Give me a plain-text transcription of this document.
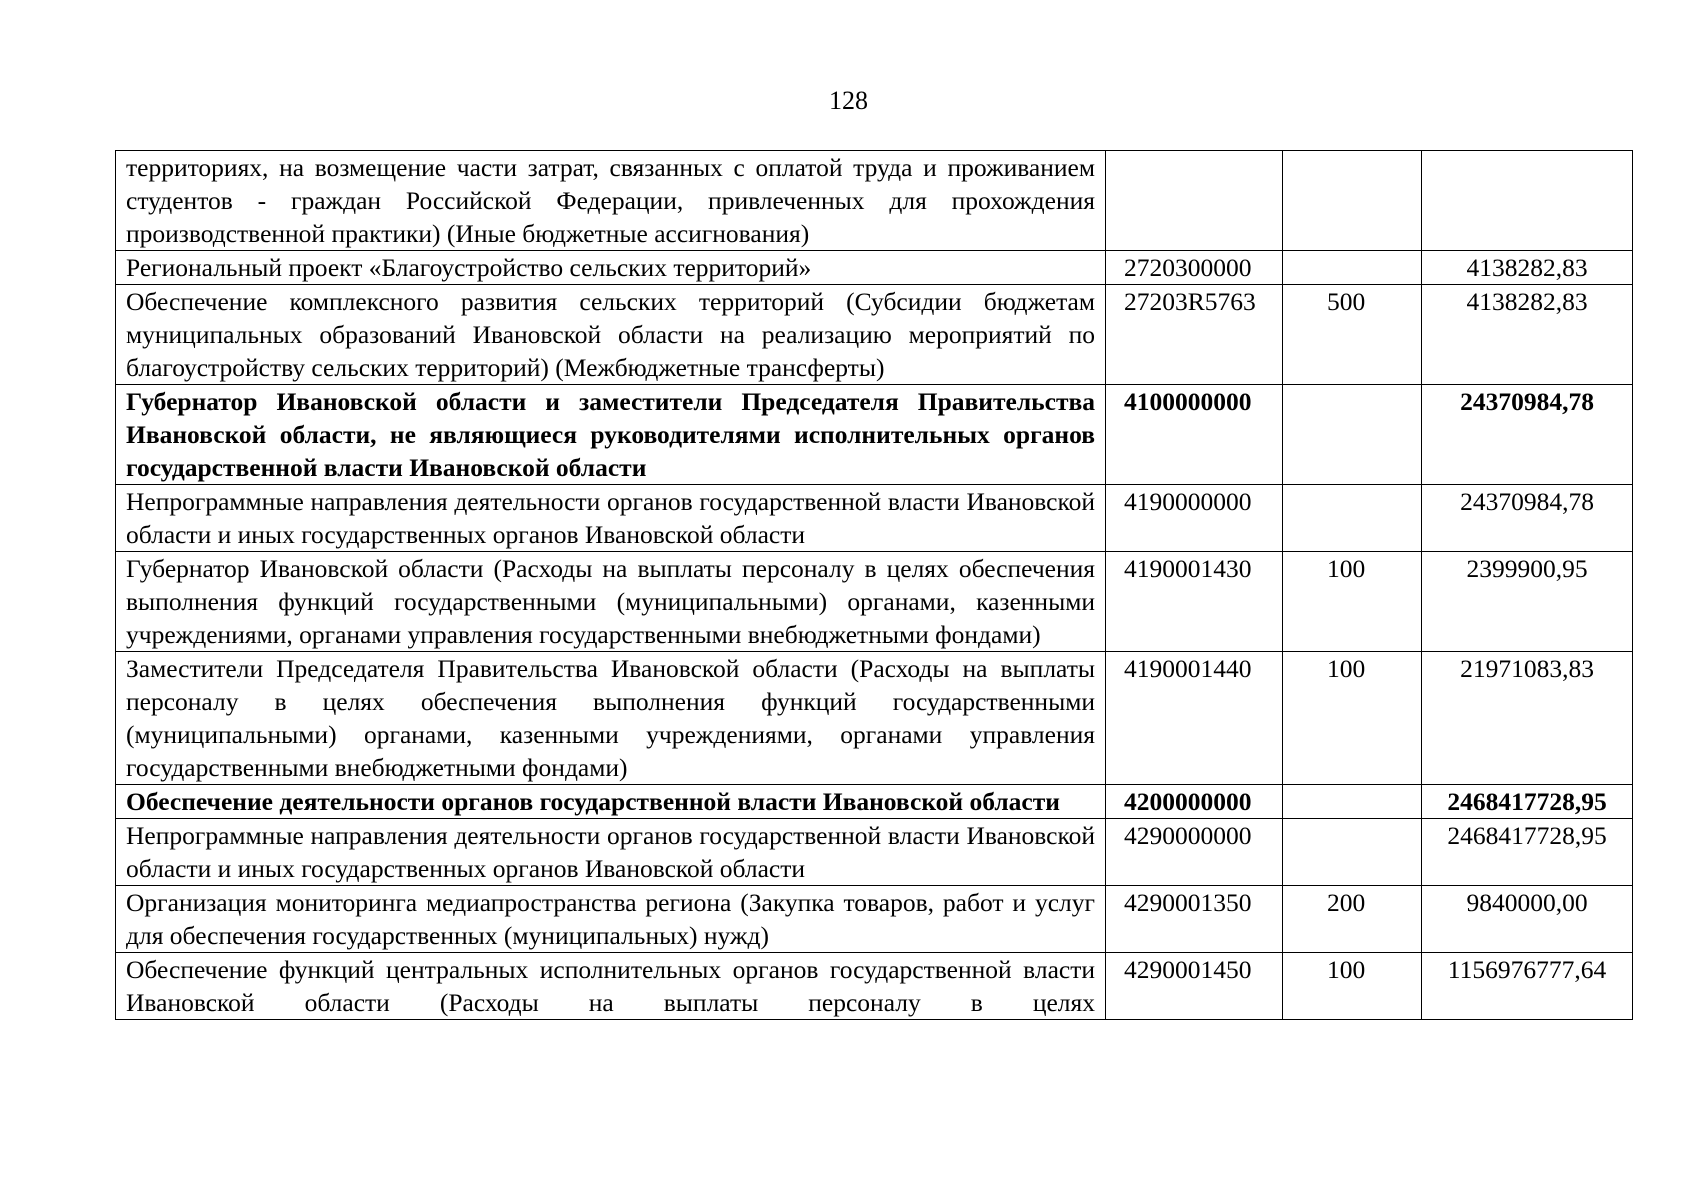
128
территориях, на возмещение части затрат, связанных с оплатой труда и проживанием студентов - граждан Российской Федерации, привлеченных для прохождения производственной практики) (Иные бюджетные ассигнования)			
Региональный проект «Благоустройство сельских территорий»	2720300000		4138282,83
Обеспечение комплексного развития сельских территорий (Субсидии бюджетам муниципальных образований Ивановской области на реализацию мероприятий по благоустройству сельских территорий) (Межбюджетные трансферты)	27203R5763	500	4138282,83
Губернатор Ивановской области и заместители Председателя Правительства Ивановской области, не являющиеся руководителями исполнительных органов государственной власти Ивановской области	4100000000		24370984,78
Непрограммные направления деятельности органов государственной власти Ивановской области и иных государственных органов Ивановской области	4190000000		24370984,78
Губернатор Ивановской области (Расходы на выплаты персоналу в целях обеспечения выполнения функций государственными (муниципальными) органами, казенными учреждениями, органами управления государственными внебюджетными фондами)	4190001430	100	2399900,95
Заместители Председателя Правительства Ивановской области (Расходы на выплаты персоналу в целях обеспечения выполнения функций государственными (муниципальными) органами, казенными учреждениями, органами управления государственными внебюджетными фондами)	4190001440	100	21971083,83
Обеспечение деятельности органов государственной власти Ивановской области	4200000000		2468417728,95
Непрограммные направления деятельности органов государственной власти Ивановской области и иных государственных органов Ивановской области	4290000000		2468417728,95
Организация мониторинга медиапространства региона (Закупка товаров, работ и услуг для обеспечения государственных (муниципальных) нужд)	4290001350	200	9840000,00
Обеспечение функций центральных исполнительных органов государственной власти Ивановской области (Расходы на выплаты персоналу в целях	4290001450	100	1156976777,64
